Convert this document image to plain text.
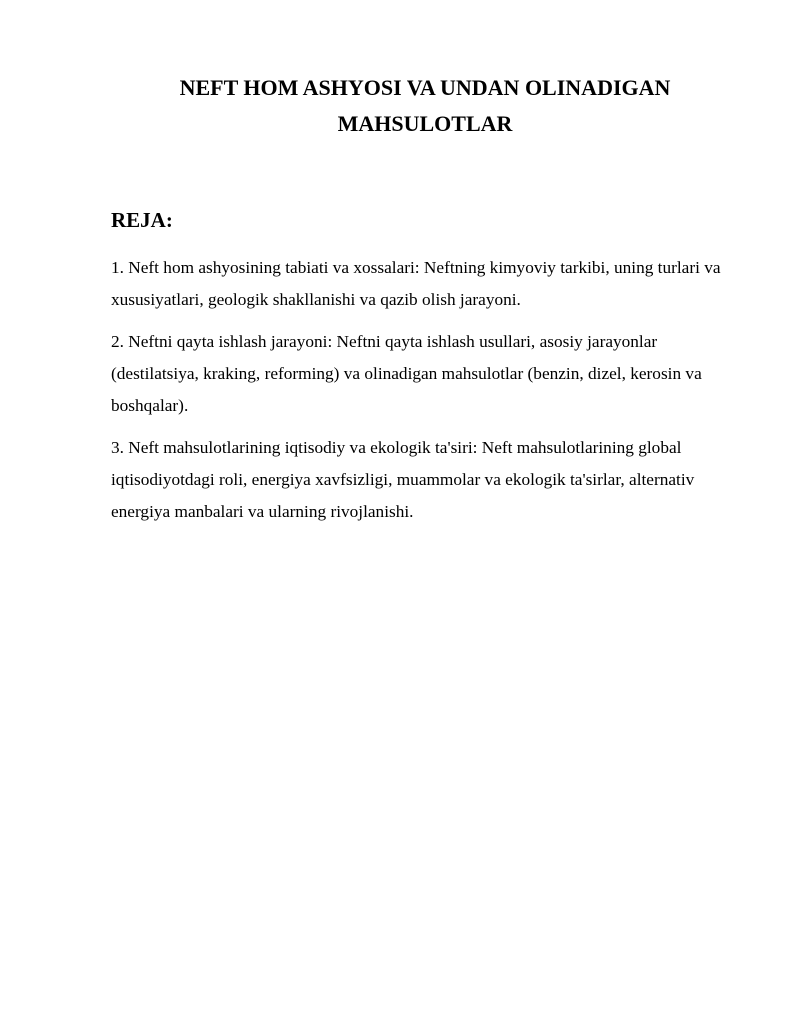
NEFT HOM ASHYOSI VA UNDAN OLINADIGAN
MAHSULOTLAR
REJA:
1. Neft hom ashyosining tabiati va xossalari: Neftning kimyoviy tarkibi, uning turlari va xususiyatlari, geologik shakllanishi va qazib olish jarayoni.
2. Neftni qayta ishlash jarayoni: Neftni qayta ishlash usullari, asosiy jarayonlar (destilatsiya, kraking, reforming) va olinadigan mahsulotlar (benzin, dizel, kerosin va boshqalar).
3. Neft mahsulotlarining iqtisodiy va ekologik ta'siri: Neft mahsulotlarining global iqtisodiyotdagi roli, energiya xavfsizligi, muammolar va ekologik ta'sirlar, alternativ energiya manbalari va ularning rivojlanishi.
